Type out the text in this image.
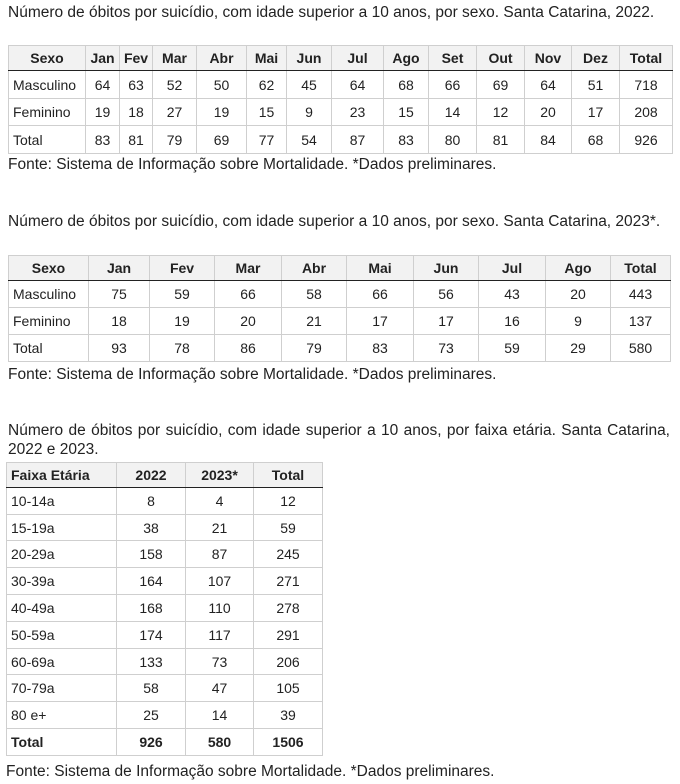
Número de óbitos por suicídio, com idade superior a 10 anos, por sexo. Santa Catarina, 2022.
Sexo	Jan	Fev	Mar	Abr	Mai	Jun	Jul	Ago	Set	Out	Nov	Dez	Total
Masculino	64	63	52	50	62	45	64	68	66	69	64	51	718
Feminino	19	18	27	19	15	9	23	15	14	12	20	17	208
Total	83	81	79	69	77	54	87	83	80	81	84	68	926
Fonte: Sistema de Informação sobre Mortalidade. *Dados preliminares.
Número de óbitos por suicídio, com idade superior a 10 anos, por sexo. Santa Catarina, 2023*.
Sexo	Jan	Fev	Mar	Abr	Mai	Jun	Jul	Ago	Total
Masculino	75	59	66	58	66	56	43	20	443
Feminino	18	19	20	21	17	17	16	9	137
Total	93	78	86	79	83	73	59	29	580
Fonte: Sistema de Informação sobre Mortalidade. *Dados preliminares.
Número de óbitos por suicídio, com idade superior a 10 anos, por faixa etária. Santa Catarina, 2022 e 2023.
Faixa Etária	2022	2023*	Total
10-14a	8	4	12
15-19a	38	21	59
20-29a	158	87	245
30-39a	164	107	271
40-49a	168	110	278
50-59a	174	117	291
60-69a	133	73	206
70-79a	58	47	105
80 e+	25	14	39
Total	926	580	1506
Fonte: Sistema de Informação sobre Mortalidade. *Dados preliminares.
